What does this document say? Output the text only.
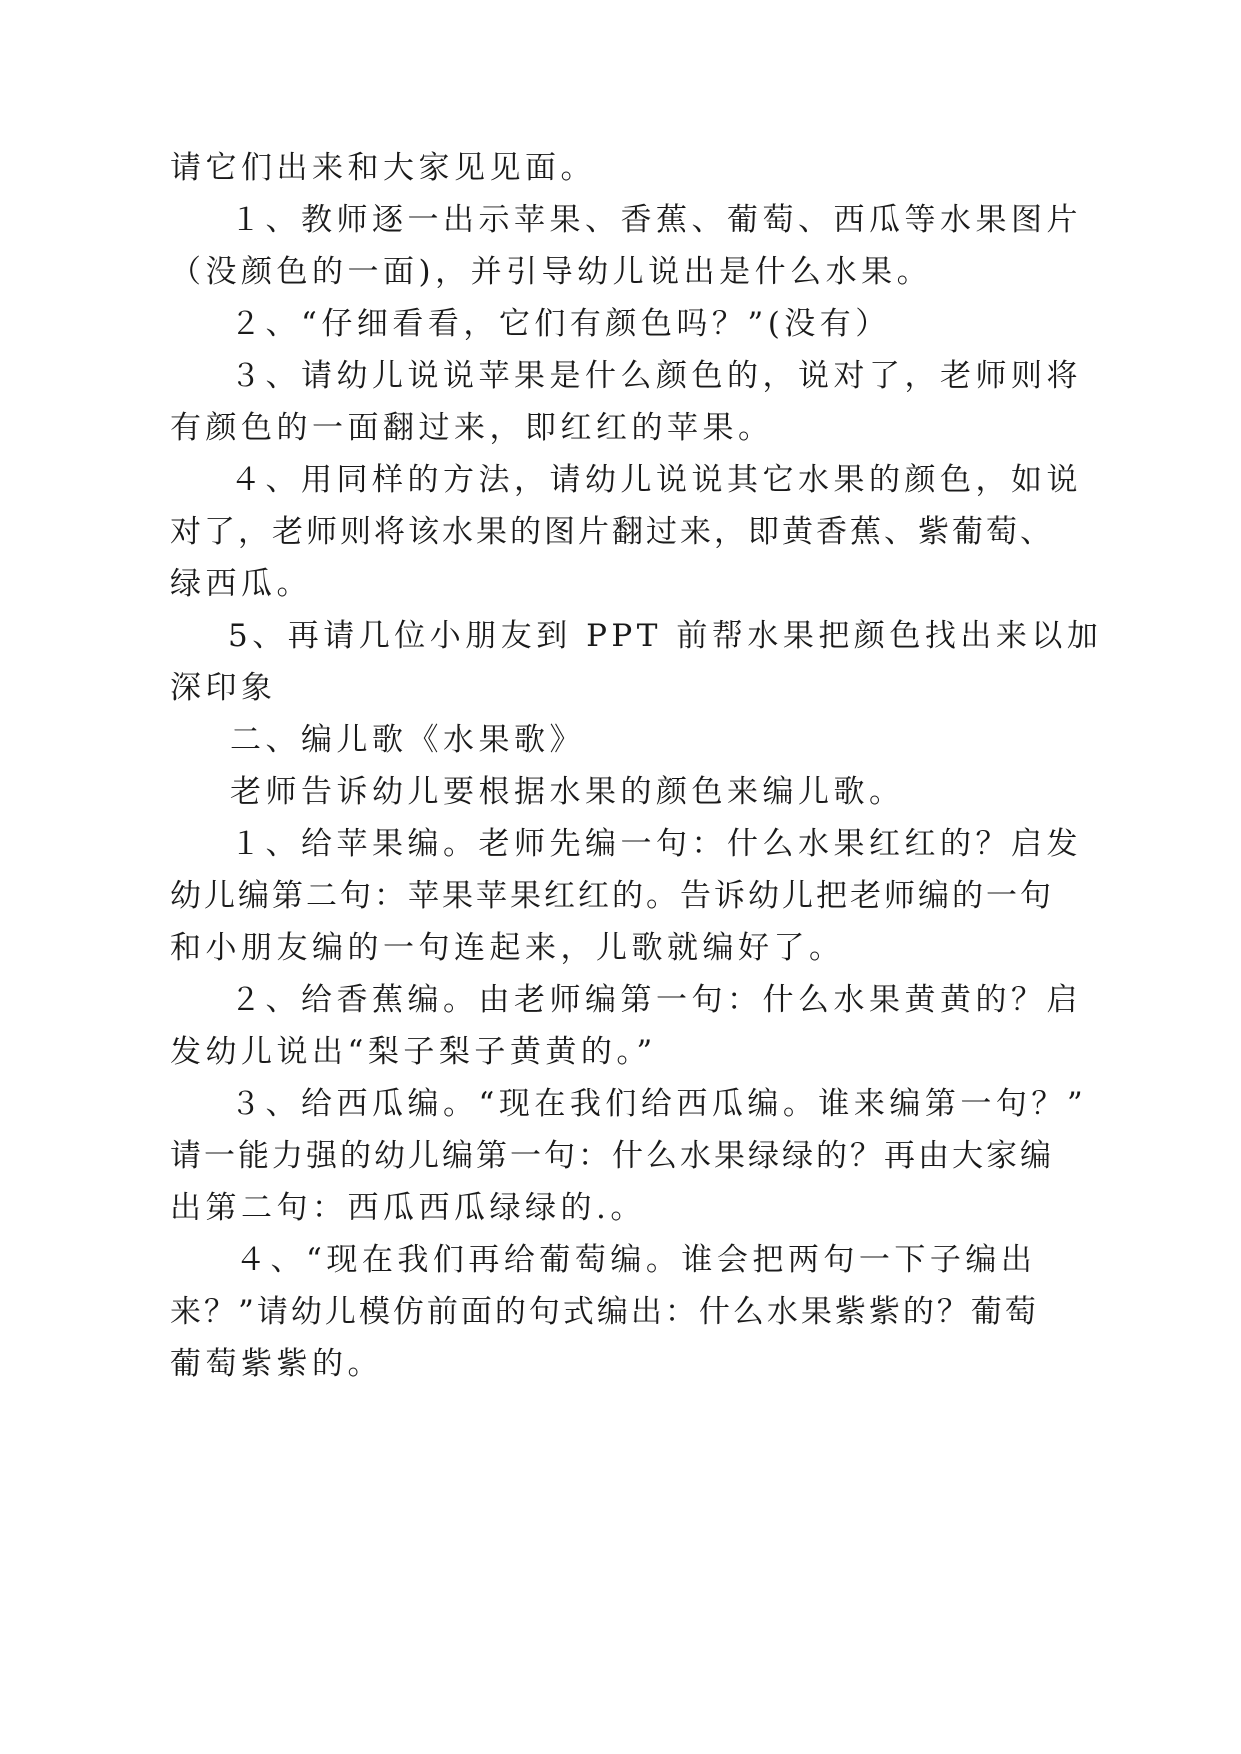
请它们出来和大家见见面。
１、教师逐一出示苹果、香蕉、葡萄、西瓜等水果图片
（没颜色的一面)，并引导幼儿说出是什么水果。
２、“仔细看看，它们有颜色吗？”(没有）
３、请幼儿说说苹果是什么颜色的，说对了，老师则将
有颜色的一面翻过来，即红红的苹果。
４、用同样的方法，请幼儿说说其它水果的颜色，如说
对了，老师则将该水果的图片翻过来，即黄香蕉、紫葡萄、
绿西瓜。
5、再请几位小朋友到 PPT 前帮水果把颜色找出来以加
深印象
二、编儿歌《水果歌》
老师告诉幼儿要根据水果的颜色来编儿歌。
１、给苹果编。老师先编一句：什么水果红红的？启发
幼儿编第二句：苹果苹果红红的。告诉幼儿把老师编的一句
和小朋友编的一句连起来，儿歌就编好了。
２、给香蕉编。由老师编第一句：什么水果黄黄的？启
发幼儿说出“梨子梨子黄黄的。”
３、给西瓜编。“现在我们给西瓜编。谁来编第一句？”
请一能力强的幼儿编第一句：什么水果绿绿的？再由大家编
出第二句：西瓜西瓜绿绿的.。
４、“现在我们再给葡萄编。谁会把两句一下子编出
来？”请幼儿模仿前面的句式编出：什么水果紫紫的？葡萄
葡萄紫紫的。
